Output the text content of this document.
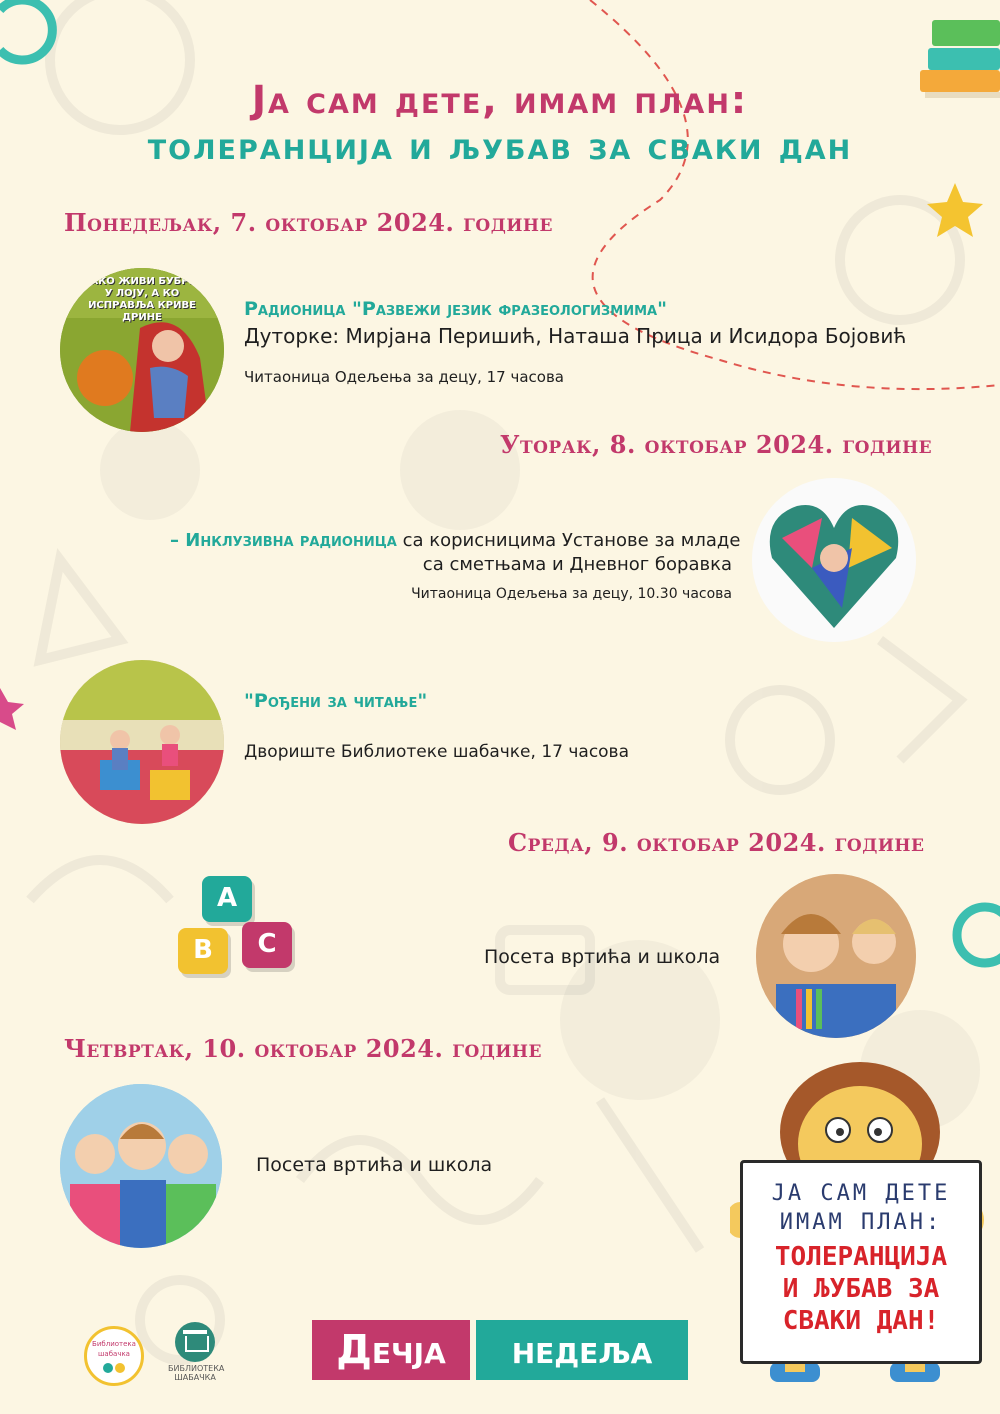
Ја сам дете, имам план:
толеранција и љубав за сваки дан
Понедељак, 7. октобар 2024. године
КАКО ЖИВИ БУБРЕГ У ЛОЈУ, А КО ИСПРАВЉА КРИВЕ ДРИНЕ	Радионица "Развежи језик фразеологизмима"
Дуторке: Мирјана Перишић, Наташа Прица и Исидора Бојовић
Читаоница Одељења за децу, 17 часова
Уторак, 8. октобар 2024. године
– Инклузивна радионица са корисницима Установе за младе
са сметњама и Дневног боравка
Читаоница Одељења за децу, 10.30 часова
"Рођени за читање"
Двориште Библиотеке шабачке, 17 часова
Среда, 9. октобар 2024. године
A
B	C	Посета вртића и школа
Четвртак, 10. октобар 2024. године
Посета вртића и школа
ЈА САМ ДЕТЕ
ИМАМ ПЛАН:
ТОЛЕРАНЦИЈА
И ЉУБАВ ЗА
СВАКИ ДАН!
Библиотека шабачка

БИБЛИОТЕКА ШАБАЧКА
Дечја	недеља
